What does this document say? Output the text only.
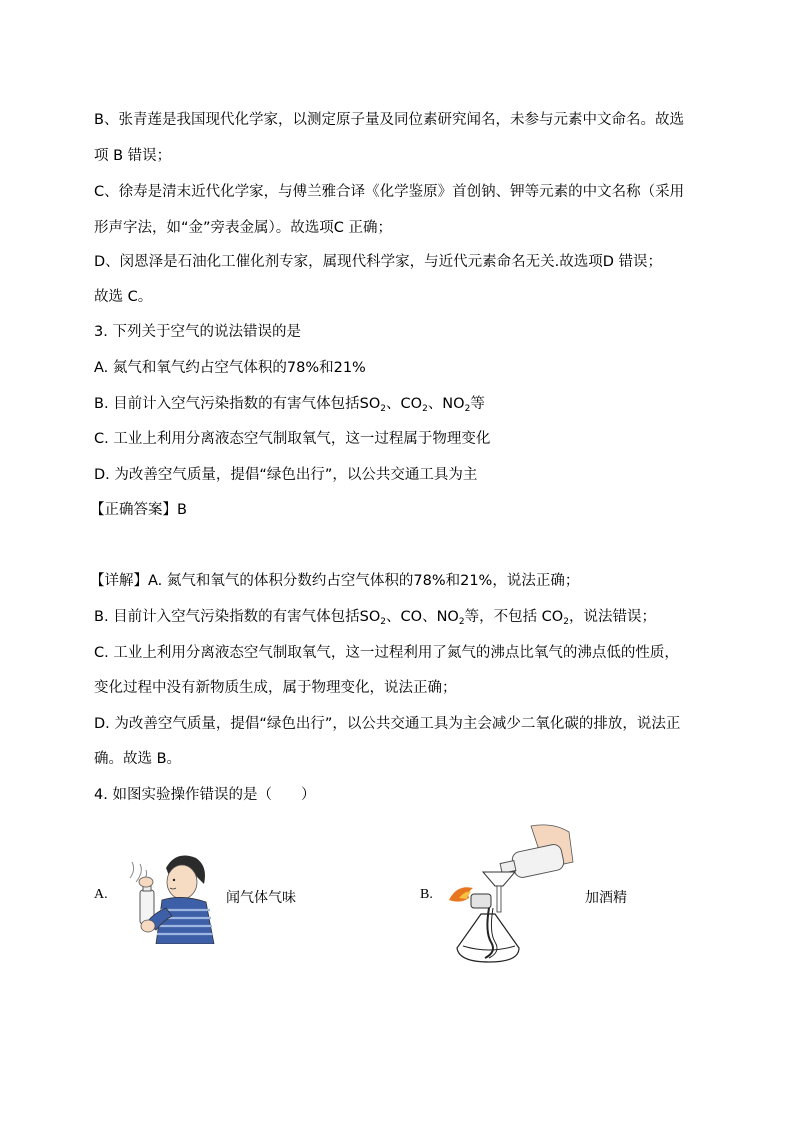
B、张青莲是我国现代化学家，以测定原子量及同位素研究闻名，未参与元素中文命名。故选
项 B 错误；
C、徐寿是清末近代化学家，与傅兰雅合译《化学鉴原》首创钠、钾等元素的中文名称（采用
形声字法，如“金”旁表金属）。故选项C 正确；
D、闵恩泽是石油化工催化剂专家，属现代科学家，与近代元素命名无关.故选项D 错误；
故选 C。
3. 下列关于空气的说法错误的是
A. 氮气和氧气约占空气体积的78%和21%
B. 目前计入空气污染指数的有害气体包括$SO_2$、$CO_2$、$NO_2$等
C. 工业上利用分离液态空气制取氧气，这一过程属于物理变化
D. 为改善空气质量，提倡“绿色出行”，以公共交通工具为主
【正确答案】B
【详解】A. 氮气和氧气的体积分数约占空气体积的78%和21%，说法正确；
B. 目前计入空气污染指数的有害气体包括$SO_2$、CO、$NO_2$等，不包括 $CO_2$，说法错误；
C. 工业上利用分离液态空气制取氧气，这一过程利用了氮气的沸点比氧气的沸点低的性质，
变化过程中没有新物质生成，属于物理变化，说法正确；
D. 为改善空气质量，提倡“绿色出行”，以公共交通工具为主会减少二氧化碳的排放，说法正
确。故选 B。
4. 如图实验操作错误的是（　　）
A.	闻气体气味	B.	加酒精
